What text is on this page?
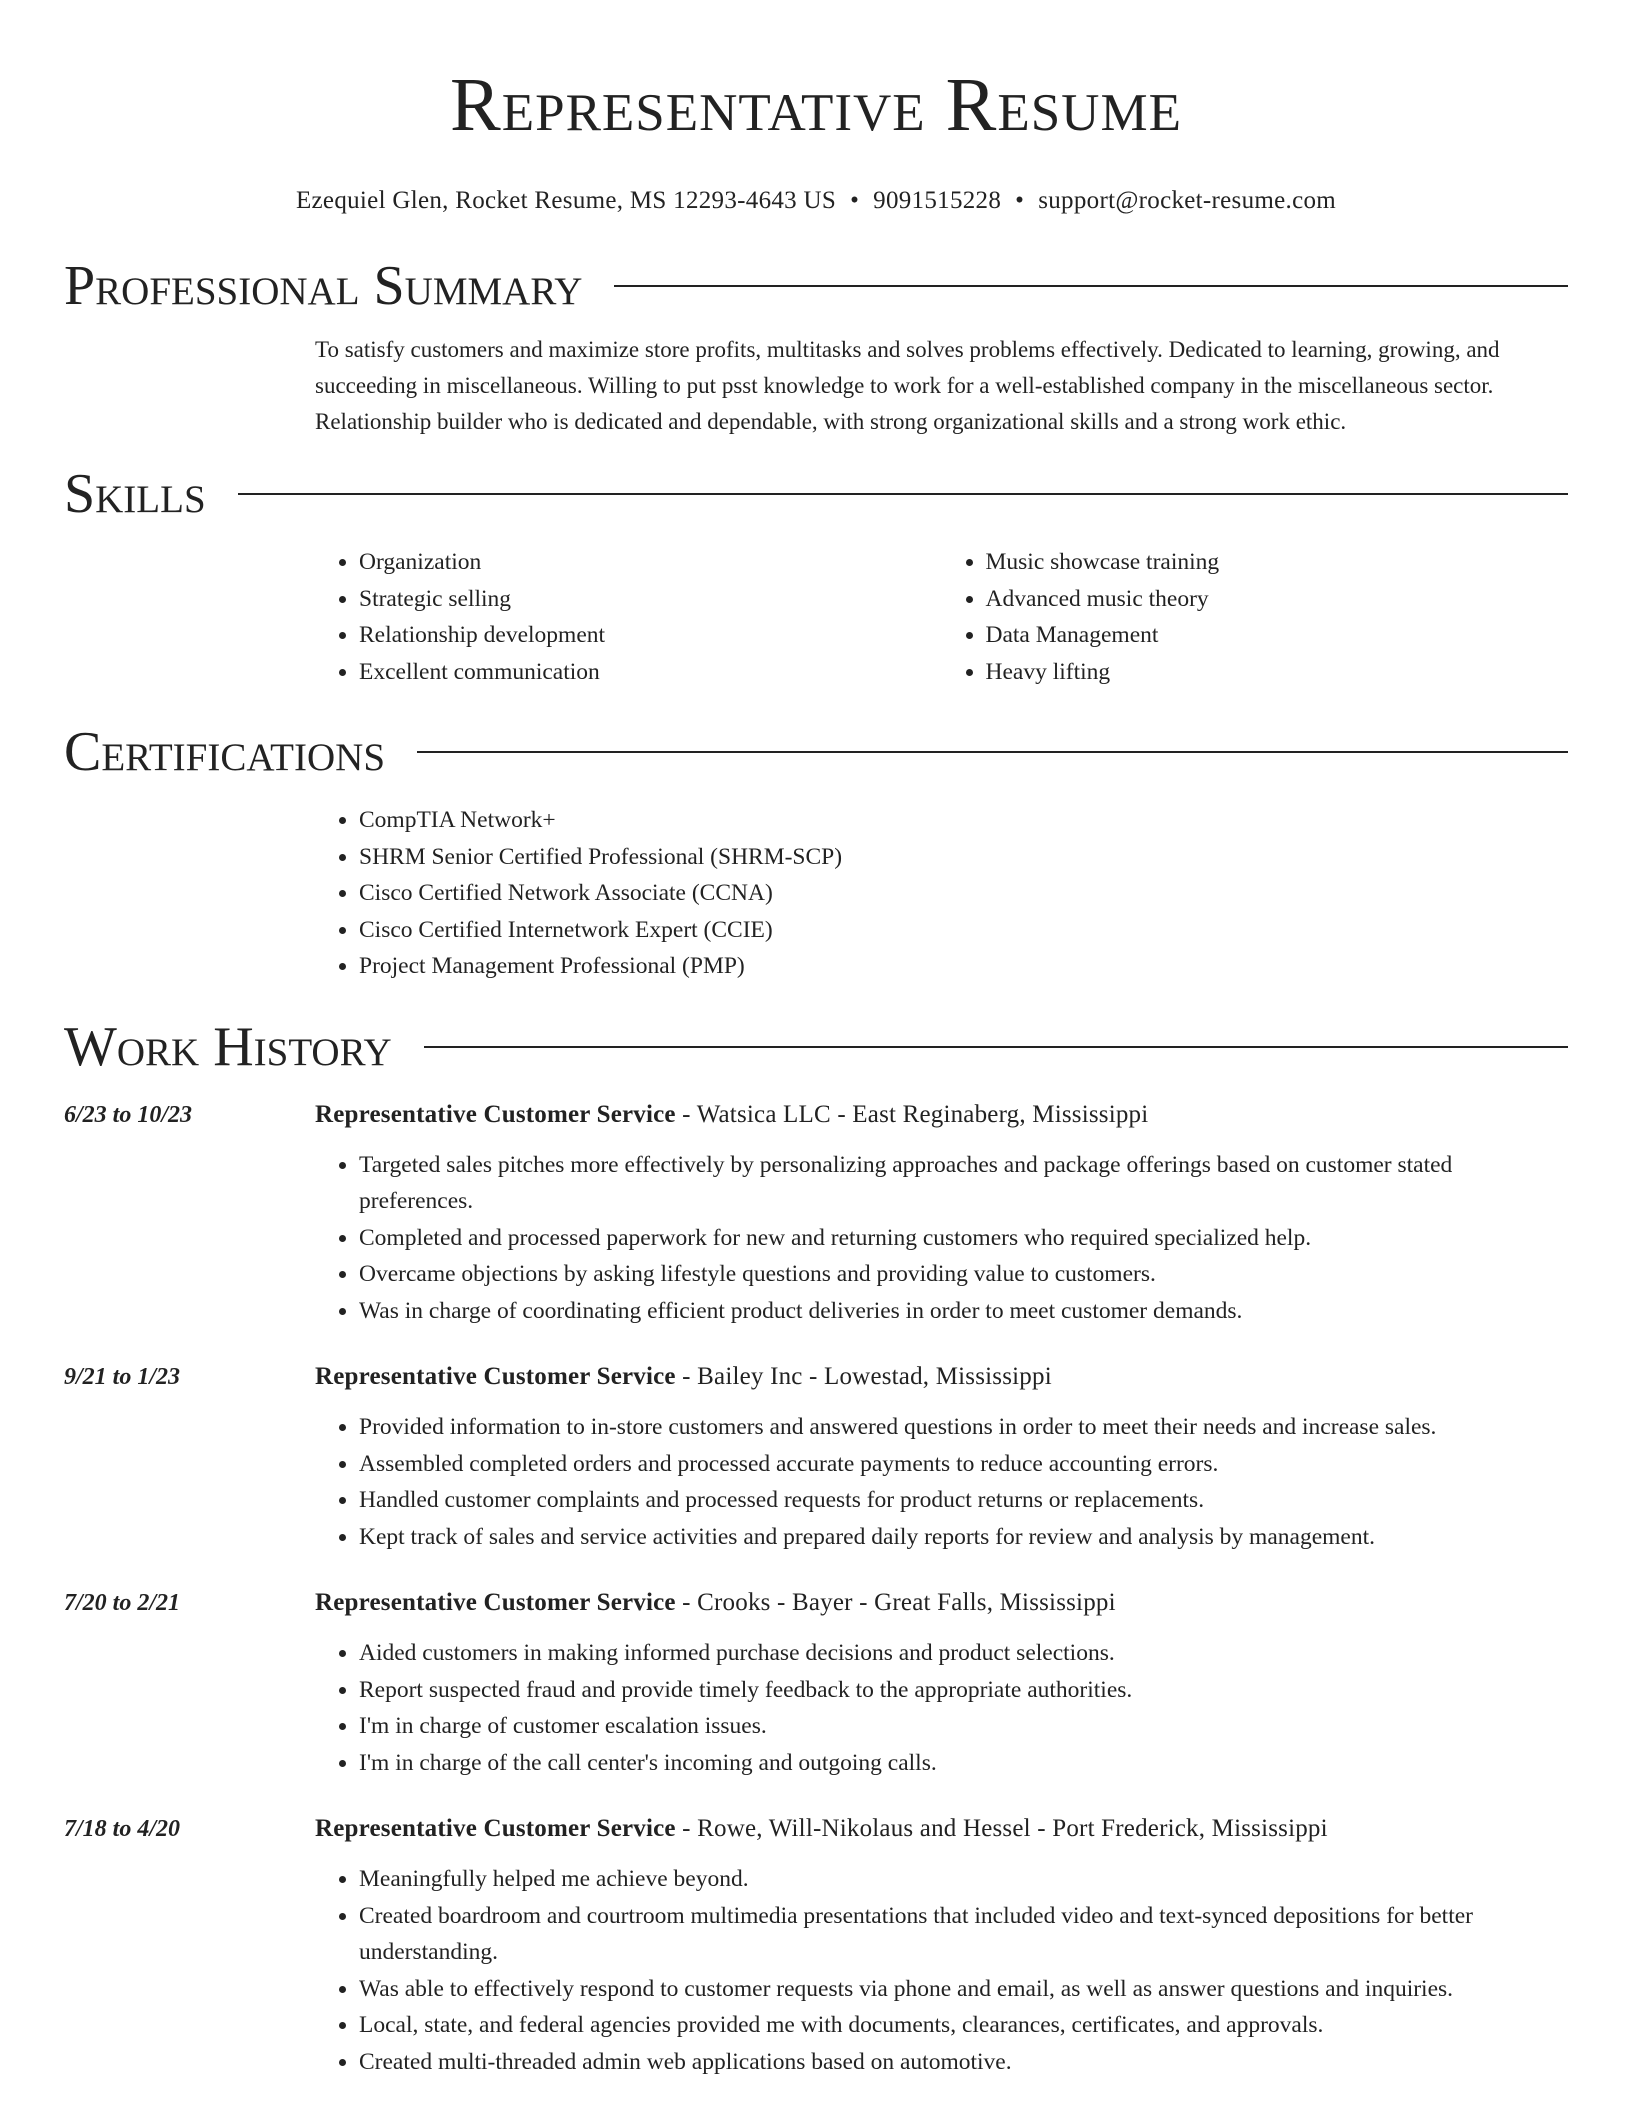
Representative Resume
Ezequiel Glen, Rocket Resume, MS 12293-4643 US • 9091515228 • support@rocket-resume.com
Professional Summary

To satisfy customers and maximize store profits, multitasks and solves problems effectively. Dedicated to learning, growing, and succeeding in miscellaneous. Willing to put psst knowledge to work for a well-established company in the miscellaneous sector. Relationship builder who is dedicated and dependable, with strong organizational skills and a strong work ethic.

Skills
• Organization
• Strategic selling
• Relationship development
• Excellent communication
• Music showcase training
• Advanced music theory
• Data Management
• Heavy lifting
Certifications
• CompTIA Network+
• SHRM Senior Certified Professional (SHRM-SCP)
• Cisco Certified Network Associate (CCNA)
• Cisco Certified Internetwork Expert (CCIE)
• Project Management Professional (PMP)
Work History
6/23 to 10/23	Representative Customer Service - Watsica LLC - East Reginaberg, Mississippi
• Targeted sales pitches more effectively by personalizing approaches and package offerings based on customer stated preferences.
• Completed and processed paperwork for new and returning customers who required specialized help.
• Overcame objections by asking lifestyle questions and providing value to customers.
• Was in charge of coordinating efficient product deliveries in order to meet customer demands.
9/21 to 1/23	Representative Customer Service - Bailey Inc - Lowestad, Mississippi
• Provided information to in-store customers and answered questions in order to meet their needs and increase sales.
• Assembled completed orders and processed accurate payments to reduce accounting errors.
• Handled customer complaints and processed requests for product returns or replacements.
• Kept track of sales and service activities and prepared daily reports for review and analysis by management.
7/20 to 2/21	Representative Customer Service - Crooks - Bayer - Great Falls, Mississippi
• Aided customers in making informed purchase decisions and product selections.
• Report suspected fraud and provide timely feedback to the appropriate authorities.
• I'm in charge of customer escalation issues.
• I'm in charge of the call center's incoming and outgoing calls.
7/18 to 4/20	Representative Customer Service - Rowe, Will-Nikolaus and Hessel - Port Frederick, Mississippi
• Meaningfully helped me achieve beyond.
• Created boardroom and courtroom multimedia presentations that included video and text-synced depositions for better understanding.
• Was able to effectively respond to customer requests via phone and email, as well as answer questions and inquiries.
• Local, state, and federal agencies provided me with documents, clearances, certificates, and approvals.
• Created multi-threaded admin web applications based on automotive.
